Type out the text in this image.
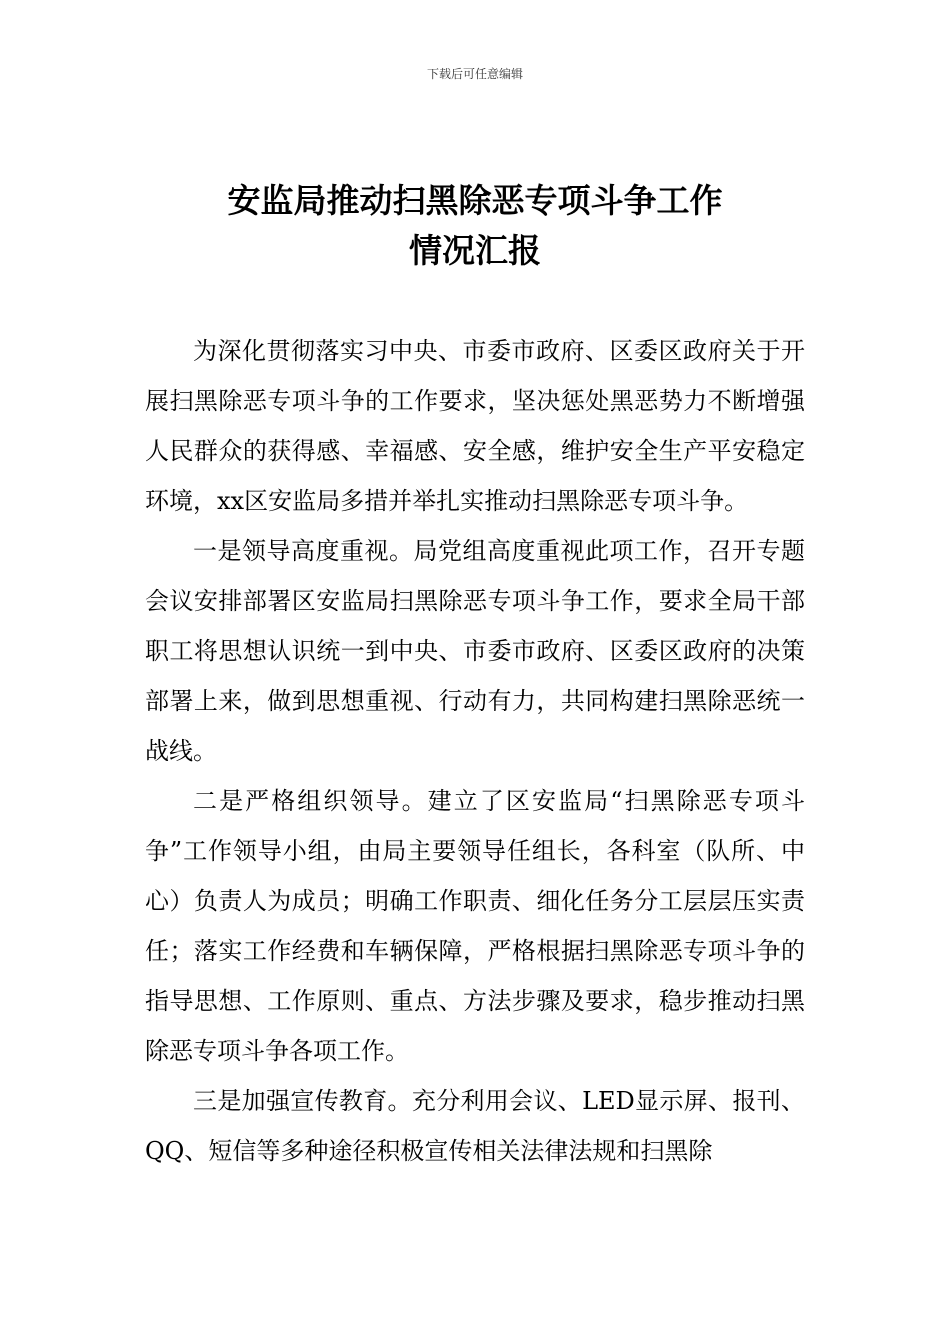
下载后可任意编辑
安监局推动扫黑除恶专项斗争工作
情况汇报

为深化贯彻落实习中央、市委市政府、区委区政府关于开展扫黑除恶专项斗争的工作要求，坚决惩处黑恶势力不断增强人民群众的获得感、幸福感、安全感，维护安全生产平安稳定环境，xx区安监局多措并举扎实推动扫黑除恶专项斗争。

一是领导高度重视。局党组高度重视此项工作，召开专题会议安排部署区安监局扫黑除恶专项斗争工作，要求全局干部职工将思想认识统一到中央、市委市政府、区委区政府的决策部署上来，做到思想重视、行动有力，共同构建扫黑除恶统一战线。

二是严格组织领导。建立了区安监局“扫黑除恶专项斗争”工作领导小组，由局主要领导任组长，各科室（队所、中心）负责人为成员；明确工作职责、细化任务分工层层压实责任；落实工作经费和车辆保障，严格根据扫黑除恶专项斗争的指导思想、工作原则、重点、方法步骤及要求，稳步推动扫黑除恶专项斗争各项工作。

三是加强宣传教育。充分利用会议、LED显示屏、报刊、QQ、短信等多种途径积极宣传相关法律法规和扫黑除
